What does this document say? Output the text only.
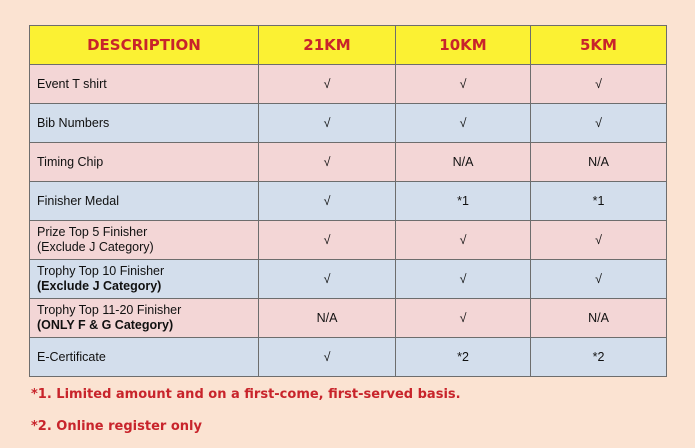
DESCRIPTION	21KM	10KM	5KM

Event T shirt	√	√	√

Bib Numbers	√	√	√

Timing Chip	√	N/A	N/A

Finisher Medal	√	*1	*1

Prize Top 5 Finisher
(Exclude J Category)	√	√	√

Trophy Top 10 Finisher
(Exclude J Category)	√	√	√

Trophy Top 11-20 Finisher
(ONLY F & G Category)	N/A	√	N/A

E-Certificate	√	*2	*2
*1. Limited amount and on a first-come, first-served basis.
*2. Online register only
